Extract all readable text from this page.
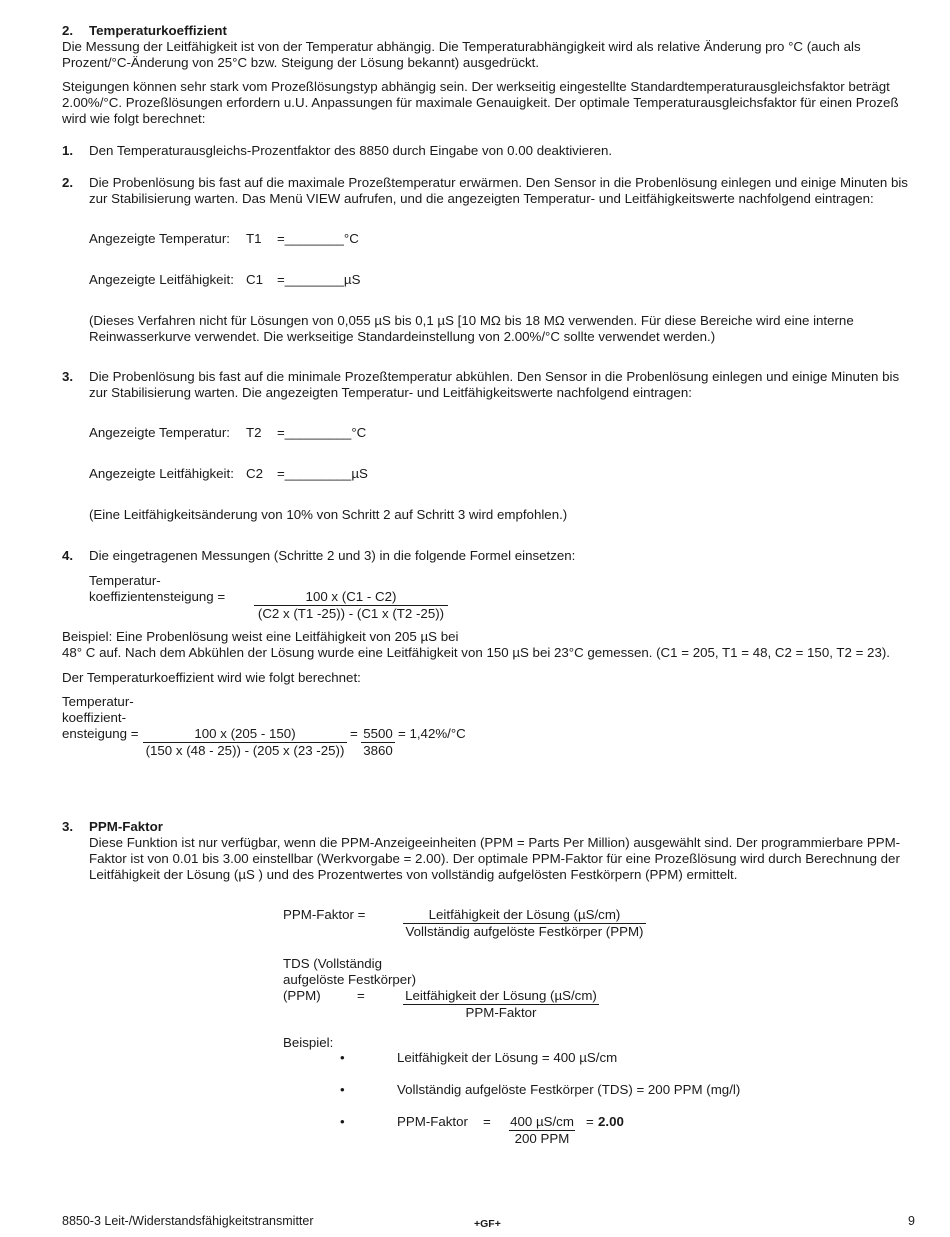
2. Temperaturkoeffizient
Die Messung der Leitfähigkeit ist von der Temperatur abhängig. Die Temperaturabhängigkeit wird als relative Änderung pro °C (auch als Prozent/°C-Änderung von 25°C bzw. Steigung der Lösung bekannt) ausgedrückt.
Steigungen können sehr stark vom Prozeßlösungstyp abhängig sein. Der werkseitig eingestellte Standardtemperaturausgleichsfaktor beträgt 2.00%/°C. Prozeßlösungen erfordern u.U. Anpassungen für maximale Genauigkeit. Der optimale Temperaturausgleichsfaktor für einen Prozeß wird wie folgt berechnet:
1. Den Temperaturausgleichs-Prozentfaktor des 8850 durch Eingabe von 0.00 deaktivieren.
2. Die Probenlösung bis fast auf die maximale Prozeßtemperatur erwärmen. Den Sensor in die Probenlösung einlegen und einige Minuten bis zur Stabilisierung warten. Das Menü VIEW aufrufen, und die angezeigten Temperatur- und Leitfähigkeitswerte nachfolgend eintragen:
Angezeigte Temperatur: T1 =________°C
Angezeigte Leitfähigkeit: C1 =________µS
(Dieses Verfahren nicht für Lösungen von 0,055 µS bis 0,1 µS [10 MΩ bis 18 MΩ verwenden. Für diese Bereiche wird eine interne Reinwasserkurve verwendet. Die werkseitige Standardeinstellung von 2.00%/°C sollte verwendet werden.)
3. Die Probenlösung bis fast auf die minimale Prozeßtemperatur abkühlen. Den Sensor in die Probenlösung einlegen und einige Minuten bis zur Stabilisierung warten. Die angezeigten Temperatur- und Leitfähigkeitswerte nachfolgend eintragen:
Angezeigte Temperatur: T2 =_________°C
Angezeigte Leitfähigkeit: C2 =_________µS
(Eine Leitfähigkeitsänderung von 10% von Schritt 2 auf Schritt 3 wird empfohlen.)
4. Die eingetragenen Messungen (Schritte 2 und 3) in die folgende Formel einsetzen:
Temperatur-
koeffizientensteigung = $\frac{100 x (C1 - C2)}{(C2 x (T1 -25)) - (C1 x (T2 -25))}$
Beispiel: Eine Probenlösung weist eine Leitfähigkeit von 205 µS bei
48° C auf. Nach dem Abkühlen der Lösung wurde eine Leitfähigkeit von 150 µS bei 23°C gemessen. (C1 = 205, T1 = 48, C2 = 150, T2 = 23).
Der Temperaturkoeffizient wird wie folgt berechnet:
Temperatur-
koeffizient-
ensteigung = $\frac{100 x (205 - 150)}{(150 x (48 - 25)) - (205 x (23 -25))} = \frac{5500}{3860} = 1,42\%/^\circ C$
3. PPM-Faktor
Diese Funktion ist nur verfügbar, wenn die PPM-Anzeigeeinheiten (PPM = Parts Per Million) ausgewählt sind. Der programmierbare PPM-Faktor ist von 0.01 bis 3.00 einstellbar (Werkvorgabe = 2.00). Der optimale PPM-Faktor für eine Prozeßlösung wird durch Berechnung der Leitfähigkeit der Lösung (µS ) und des Prozentwertes von vollständig aufgelösten Festkörpern (PPM) ermittelt.
PPM-Faktor =	Leitfähigkeit der Lösung (µS/cm)
Vollständig aufgelöste Festkörper (PPM)
TDS (Vollständig
aufgelöste Festkörper)
(PPM)	=	Leitfähigkeit der Lösung (µS/cm)
PPM-Faktor
Beispiel:
•	Leitfähigkeit der Lösung = 400 µS/cm
•	Vollständig aufgelöste Festkörper (TDS) = 200 PPM (mg/l)
•	PPM-Faktor = 400 µS/cm
200 PPM
= 2.00
8850-3 Leit-/Widerstandsfähigkeitstransmitter	+GF+	9
